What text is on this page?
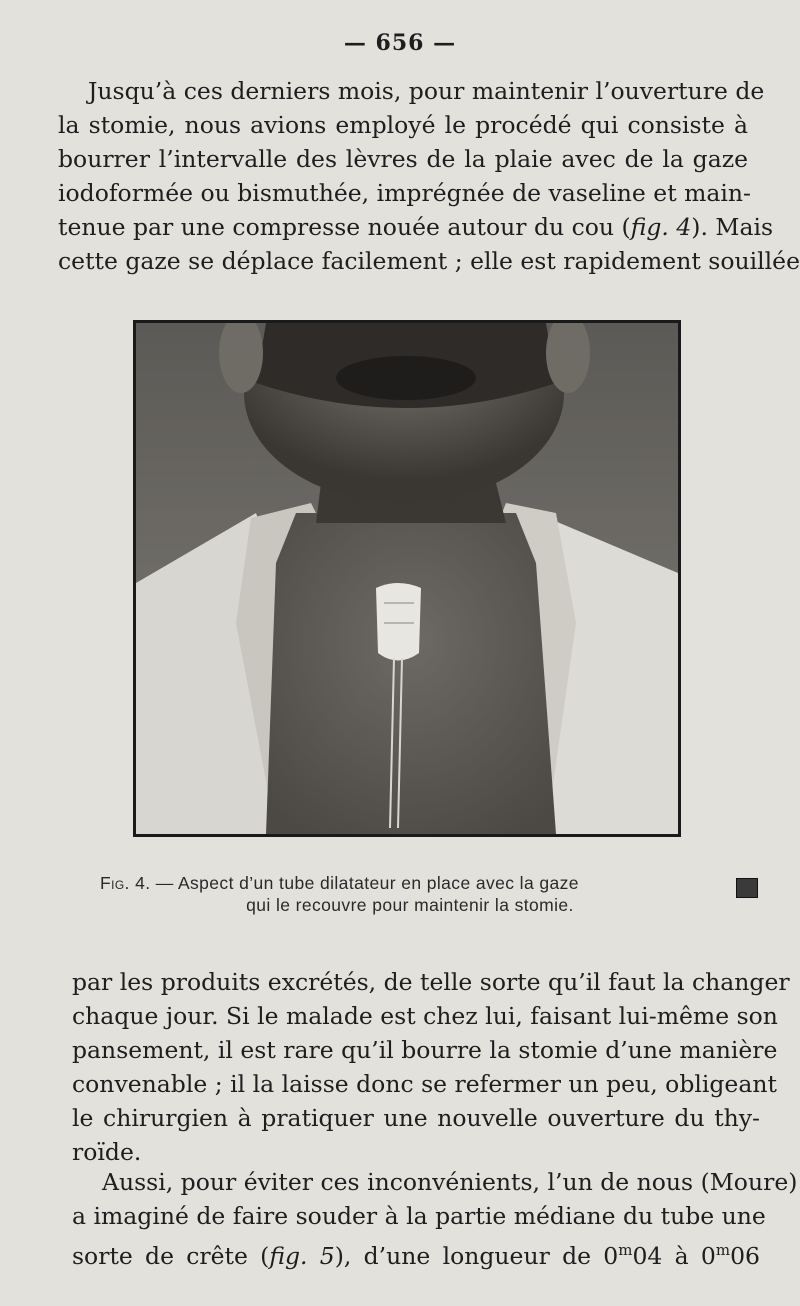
— 656 —
Jusqu’à ces derniers mois, pour maintenir l’ouverture de
la stomie, nous avions employé le procédé qui consiste à
bourrer l’intervalle des lèvres de la plaie avec de la gaze
iodoformée ou bismuthée, imprégnée de vaseline et main-
tenue par une compresse nouée autour du cou (fig. 4). Mais
cette gaze se déplace facilement ; elle est rapidement souillée
Fig. 4. — Aspect d’un tube dilatateur en place avec la gaze
qui le recouvre pour maintenir la stomie.
par les produits excrétés, de telle sorte qu’il faut la changer
chaque jour. Si le malade est chez lui, faisant lui-même son
pansement, il est rare qu’il bourre la stomie d’une manière
convenable ; il la laisse donc se refermer un peu, obligeant
le chirurgien à pratiquer une nouvelle ouverture du thy-
roïde.
Aussi, pour éviter ces inconvénients, l’un de nous (Moure)
a imaginé de faire souder à la partie médiane du tube une
sorte de crête (fig. 5), d’une longueur de 0$^m$04 à 0$^m$06
